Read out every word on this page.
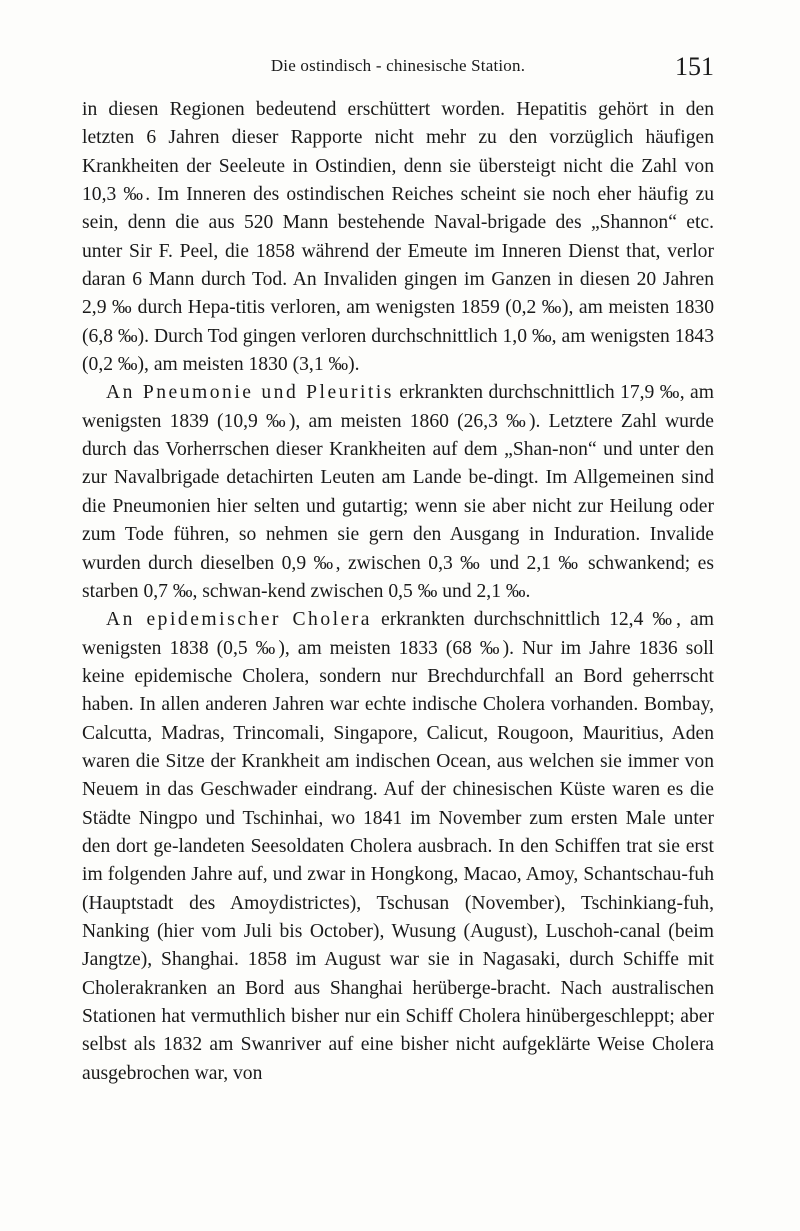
Die ostindisch - chinesische Station.	151

in diesen Regionen bedeutend erschüttert worden. Hepatitis gehört in den letzten 6 Jahren dieser Rapporte nicht mehr zu den vorzüglich häufigen Krankheiten der Seeleute in Ostindien, denn sie übersteigt nicht die Zahl von 10,3 ‰. Im Inneren des ostindischen Reiches scheint sie noch eher häufig zu sein, denn die aus 520 Mann bestehende Naval-brigade des „Shannon“ etc. unter Sir F. Peel, die 1858 während der Emeute im Inneren Dienst that, verlor daran 6 Mann durch Tod. An Invaliden gingen im Ganzen in diesen 20 Jahren 2,9 ‰ durch Hepa-titis verloren, am wenigsten 1859 (0,2 ‰), am meisten 1830 (6,8 ‰). Durch Tod gingen verloren durchschnittlich 1,0 ‰, am wenigsten 1843 (0,2 ‰), am meisten 1830 (3,1 ‰).

An Pneumonie und Pleuritis erkrankten durchschnittlich 17,9 ‰, am wenigsten 1839 (10,9 ‰), am meisten 1860 (26,3 ‰). Letztere Zahl wurde durch das Vorherrschen dieser Krankheiten auf dem „Shan-non“ und unter den zur Navalbrigade detachirten Leuten am Lande be-dingt. Im Allgemeinen sind die Pneumonien hier selten und gutartig; wenn sie aber nicht zur Heilung oder zum Tode führen, so nehmen sie gern den Ausgang in Induration. Invalide wurden durch dieselben 0,9 ‰, zwischen 0,3 ‰ und 2,1 ‰ schwankend; es starben 0,7 ‰, schwan-kend zwischen 0,5 ‰ und 2,1 ‰.

An epidemischer Cholera erkrankten durchschnittlich 12,4 ‰, am wenigsten 1838 (0,5 ‰), am meisten 1833 (68 ‰). Nur im Jahre 1836 soll keine epidemische Cholera, sondern nur Brechdurchfall an Bord geherrscht haben. In allen anderen Jahren war echte indische Cholera vorhanden. Bombay, Calcutta, Madras, Trincomali, Singapore, Calicut, Rougoon, Mauritius, Aden waren die Sitze der Krankheit am indischen Ocean, aus welchen sie immer von Neuem in das Geschwader eindrang. Auf der chinesischen Küste waren es die Städte Ningpo und Tschinhai, wo 1841 im November zum ersten Male unter den dort ge-landeten Seesoldaten Cholera ausbrach. In den Schiffen trat sie erst im folgenden Jahre auf, und zwar in Hongkong, Macao, Amoy, Schantschau-fuh (Hauptstadt des Amoydistrictes), Tschusan (November), Tschinkiang-fuh, Nanking (hier vom Juli bis October), Wusung (August), Luschoh-canal (beim Jangtze), Shanghai. 1858 im August war sie in Nagasaki, durch Schiffe mit Cholerakranken an Bord aus Shanghai herüberge-bracht. Nach australischen Stationen hat vermuthlich bisher nur ein Schiff Cholera hinübergeschleppt; aber selbst als 1832 am Swanriver auf eine bisher nicht aufgeklärte Weise Cholera ausgebrochen war, von
